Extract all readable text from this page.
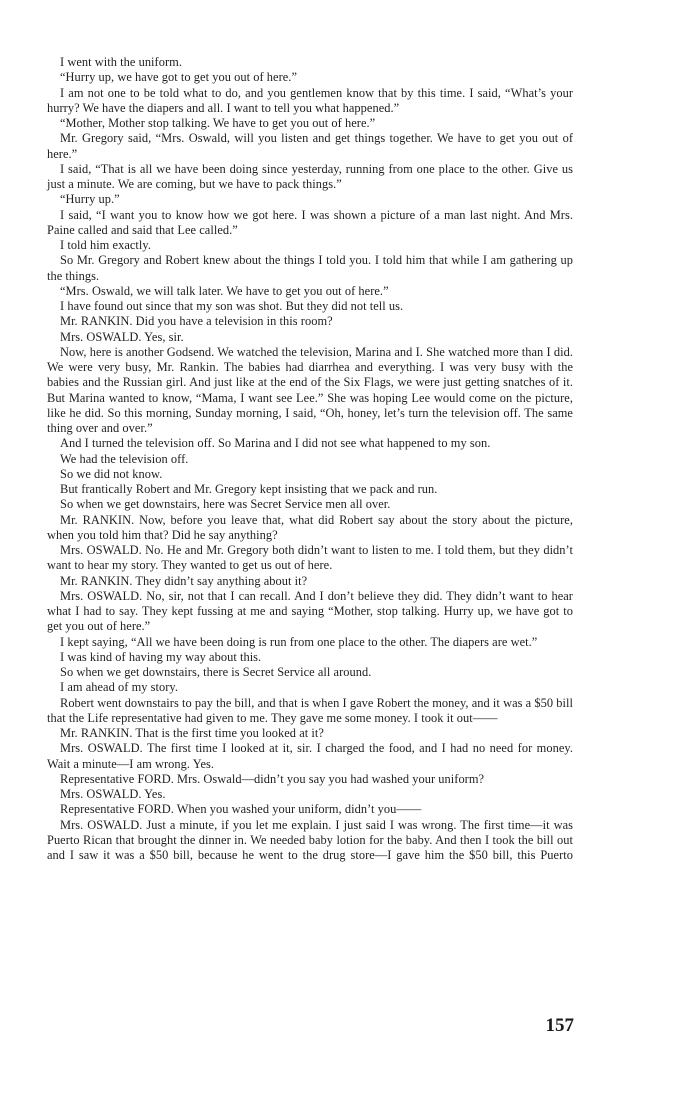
I went with the uniform.

“Hurry up, we have got to get you out of here.”

I am not one to be told what to do, and you gentlemen know that by this time. I said, “What’s your hurry? We have the diapers and all. I want to tell you what happened.”

“Mother, Mother stop talking. We have to get you out of here.”

Mr. Gregory said, “Mrs. Oswald, will you listen and get things together. We have to get you out of here.”

I said, “That is all we have been doing since yesterday, running from one place to the other. Give us just a minute. We are coming, but we have to pack things.”

“Hurry up.”

I said, “I want you to know how we got here. I was shown a picture of a man last night. And Mrs. Paine called and said that Lee called.”

I told him exactly.

So Mr. Gregory and Robert knew about the things I told you. I told him that while I am gathering up the things.

“Mrs. Oswald, we will talk later. We have to get you out of here.”

I have found out since that my son was shot. But they did not tell us.

Mr. RANKIN. Did you have a television in this room?

Mrs. OSWALD. Yes, sir.

Now, here is another Godsend. We watched the television, Marina and I. She watched more than I did. We were very busy, Mr. Rankin. The babies had diarrhea and everything. I was very busy with the babies and the Russian girl. And just like at the end of the Six Flags, we were just getting snatches of it. But Marina wanted to know, “Mama, I want see Lee.” She was hoping Lee would come on the picture, like he did. So this morning, Sunday morning, I said, “Oh, honey, let’s turn the television off. The same thing over and over.”

And I turned the television off. So Marina and I did not see what happened to my son.

We had the television off.

So we did not know.

But frantically Robert and Mr. Gregory kept insisting that we pack and run.

So when we get downstairs, here was Secret Service men all over.

Mr. RANKIN. Now, before you leave that, what did Robert say about the story about the picture, when you told him that? Did he say anything?

Mrs. OSWALD. No. He and Mr. Gregory both didn’t want to listen to me. I told them, but they didn’t want to hear my story. They wanted to get us out of here.

Mr. RANKIN. They didn’t say anything about it?

Mrs. OSWALD. No, sir, not that I can recall. And I don’t believe they did. They didn’t want to hear what I had to say. They kept fussing at me and saying “Mother, stop talking. Hurry up, we have got to get you out of here.”

I kept saying, “All we have been doing is run from one place to the other. The diapers are wet.”

I was kind of having my way about this.

So when we get downstairs, there is Secret Service all around.

I am ahead of my story.

Robert went downstairs to pay the bill, and that is when I gave Robert the money, and it was a $50 bill that the Life representative had given to me. They gave me some money. I took it out——

Mr. RANKIN. That is the first time you looked at it?

Mrs. OSWALD. The first time I looked at it, sir. I charged the food, and I had no need for money. Wait a minute—I am wrong. Yes.

Representative FORD. Mrs. Oswald—didn’t you say you had washed your uniform?

Mrs. OSWALD. Yes.

Representative FORD. When you washed your uniform, didn’t you——

Mrs. OSWALD. Just a minute, if you let me explain. I just said I was wrong. The first time—it was Puerto Rican that brought the dinner in. We needed baby lotion for the baby. And then I took the bill out and I saw it was a $50 bill, because he went to the drug store—I gave him the $50 bill, this Puerto

157
